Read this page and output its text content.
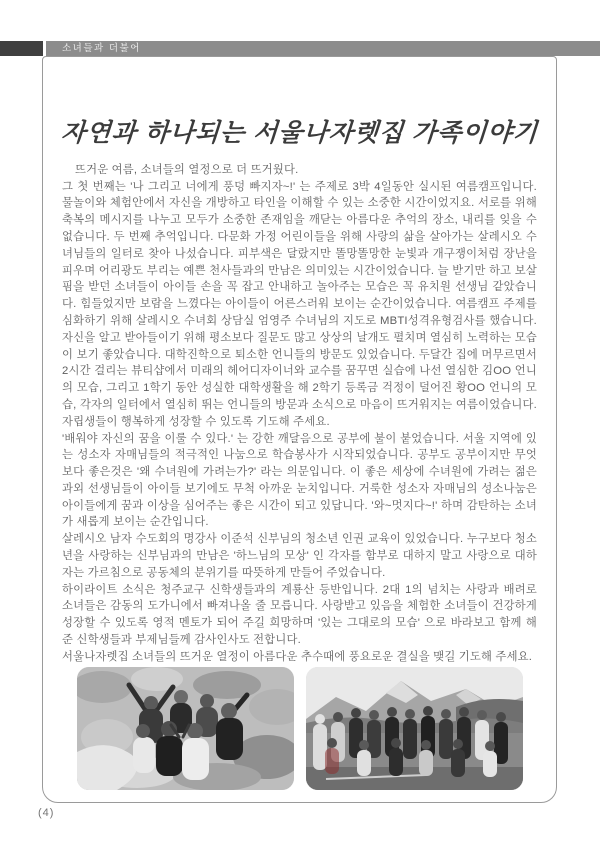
소녀들과 더불어
자연과 하나되는 서울나자렛집 가족이야기

뜨거운 여름, 소녀들의 열정으로 더 뜨거웠다.

그 첫 번째는 '나 그리고 너에게 풍덩 빠지자~!' 는 주제로 3박 4일동안 실시된 여름캠프입니다. 물놀이와 체험안에서 자신을 개방하고 타인을 이해할 수 있는 소중한 시간이었지요. 서로를 위해 축복의 메시지를 나누고 모두가 소중한 존재임을 깨닫는 아름다운 추억의 장소, 내리를 잊을 수 없습니다. 두 번째 추억입니다. 다문화 가정 어린이들을 위해 사랑의 삶을 살아가는 살레시오 수녀님들의 일터로 찾아 나섰습니다. 피부색은 달랐지만 똘망똘망한 눈빛과 개구쟁이처럼 장난을 피우며 어리광도 부리는 예쁜 천사들과의 만남은 의미있는 시간이었습니다. 늘 받기만 하고 보살핌을 받던 소녀들이 아이들 손을 꼭 잡고 안내하고 놀아주는 모습은 꼭 유치원 선생님 같았습니다. 힘들었지만 보람을 느꼈다는 아이들이 어른스러워 보이는 순간이었습니다. 여름캠프 주제를 심화하기 위해 살레시오 수녀회 상담실 엄영주 수녀님의 지도로 MBTI성격유형검사를 했습니다. 자신을 알고 받아들이기 위해 평소보다 질문도 많고 상상의 날개도 펼치며 열심히 노력하는 모습이 보기 좋았습니다. 대학진학으로 퇴소한 언니들의 방문도 있었습니다. 두달간 집에 머무르면서 2시간 걸리는 뷰티샵에서 미래의 헤어디자이너와 교수를 꿈꾸면 실습에 나선 열심한 김OO 언니의 모습, 그리고 1학기 동안 성실한 대학생활을 해 2학기 등록금 걱정이 덜어진 황OO 언니의 모습, 각자의 일터에서 열심히 뛰는 언니들의 방문과 소식으로 마음이 뜨거워지는 여름이었습니다. 자립생들이 행복하게 성장할 수 있도록 기도해 주세요.

'배워야 자신의 꿈을 이룰 수 있다.' 는 강한 깨달음으로 공부에 불이 붙었습니다. 서울 지역에 있는 성소자 자매님들의 적극적인 나눔으로 학습봉사가 시작되었습니다. 공부도 공부이지만 무엇보다 좋은것은 '왜 수녀원에 가려는가?' 라는 의문입니다. 이 좋은 세상에 수녀원에 가려는 젊은 과외 선생님들이 아이들 보기에도 무척 아까운 눈치입니다. 거룩한 성소자 자매님의 성소나눔은 아이들에게 꿈과 이상을 심어주는 좋은 시간이 되고 있답니다. '와~멋지다~!' 하며 감탄하는 소녀가 새롭게 보이는 순간입니다.

살레시오 남자 수도회의 명강사 이준석 신부님의 청소년 인권 교육이 있었습니다. 누구보다 청소년을 사랑하는 신부님과의 만남은 '하느님의 모상' 인 각자를 함부로 대하지 말고 사랑으로 대하자는 가르침으로 공동체의 분위기를 따뜻하게 만들어 주었습니다.

하이라이트 소식은 청주교구 신학생들과의 계룡산 등반입니다. 2대 1의 넘치는 사랑과 배려로 소녀들은 감동의 도가니에서 빠져나올 줄 모릅니다. 사랑받고 있음을 체험한 소녀들이 건강하게 성장할 수 있도록 영적 멘토가 되어 주길 희망하며 '있는 그대로의 모습' 으로 바라보고 함께 해 준 신학생들과 부제님들께 감사인사도 전합니다.

서울나자렛집 소녀들의 뜨거운 열정이 아름다운 추수때에 풍요로운 결실을 맺길 기도해 주세요.

(4)
